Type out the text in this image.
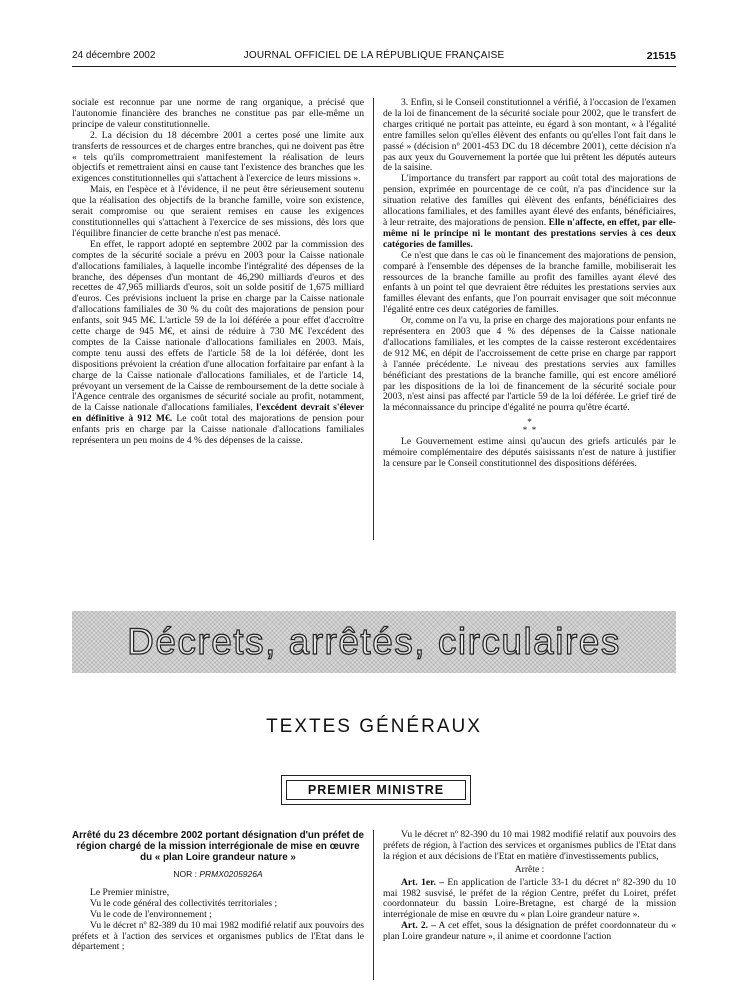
24 décembre 2002	JOURNAL OFFICIEL DE LA RÉPUBLIQUE FRANÇAISE	21515

sociale est reconnue par une norme de rang organique, a précisé que l'autonomie financière des branches ne constitue pas par elle-même un principe de valeur constitutionnelle.

2. La décision du 18 décembre 2001 a certes posé une limite aux transferts de ressources et de charges entre branches, qui ne doivent pas être « tels qu'ils compromettraient manifestement la réalisation de leurs objectifs et remettraient ainsi en cause tant l'existence des branches que les exigences constitutionnelles qui s'attachent à l'exercice de leurs missions ».

Mais, en l'espèce et à l'évidence, il ne peut être sérieusement soutenu que la réalisation des objectifs de la branche famille, voire son existence, serait compromise ou que seraient remises en cause les exigences constitutionnelles qui s'attachent à l'exercice de ses missions, dès lors que l'équilibre financier de cette branche n'est pas menacé.

En effet, le rapport adopté en septembre 2002 par la commission des comptes de la sécurité sociale a prévu en 2003 pour la Caisse nationale d'allocations familiales, à laquelle incombe l'intégralité des dépenses de la branche, des dépenses d'un montant de 46,290 milliards d'euros et des recettes de 47,965 milliards d'euros, soit un solde positif de 1,675 milliard d'euros. Ces prévisions incluent la prise en charge par la Caisse nationale d'allocations familiales de 30 % du coût des majorations de pension pour enfants, soit 945 M€. L'article 59 de la loi déférée a pour effet d'accroître cette charge de 945 M€, et ainsi de réduire à 730 M€ l'excédent des comptes de la Caisse nationale d'allocations familiales en 2003. Mais, compte tenu aussi des effets de l'article 58 de la loi déférée, dont les dispositions prévoient la création d'une allocation forfaitaire par enfant à la charge de la Caisse nationale d'allocations familiales, et de l'article 14, prévoyant un versement de la Caisse de remboursement de la dette sociale à l'Agence centrale des organismes de sécurité sociale au profit, notamment, de la Caisse nationale d'allocations familiales, l'excédent devrait s'élever en définitive à 912 M€. Le coût total des majorations de pension pour enfants pris en charge par la Caisse nationale d'allocations familiales représentera un peu moins de 4 % des dépenses de la caisse.

3. Enfin, si le Conseil constitutionnel a vérifié, à l'occasion de l'examen de la loi de financement de la sécurité sociale pour 2002, que le transfert de charges critiqué ne portait pas atteinte, eu égard à son montant, « à l'égalité entre familles selon qu'elles élèvent des enfants ou qu'elles l'ont fait dans le passé » (décision nº 2001-453 DC du 18 décembre 2001), cette décision n'a pas aux yeux du Gouvernement la portée que lui prêtent les députés auteurs de la saisine.

L'importance du transfert par rapport au coût total des majorations de pension, exprimée en pourcentage de ce coût, n'a pas d'incidence sur la situation relative des familles qui élèvent des enfants, bénéficiaires des allocations familiales, et des familles ayant élevé des enfants, bénéficiaires, à leur retraite, des majorations de pension. Elle n'affecte, en effet, par elle-même ni le principe ni le montant des prestations servies à ces deux catégories de familles.

Ce n'est que dans le cas où le financement des majorations de pension, comparé à l'ensemble des dépenses de la branche famille, mobiliserait les ressources de la branche famille au profit des familles ayant élevé des enfants à un point tel que devraient être réduites les prestations servies aux familles élevant des enfants, que l'on pourrait envisager que soit méconnue l'égalité entre ces deux catégories de familles.

Or, comme on l'a vu, la prise en charge des majorations pour enfants ne représentera en 2003 que 4 % des dépenses de la Caisse nationale d'allocations familiales, et les comptes de la caisse resteront excédentaires de 912 M€, en dépit de l'accroissement de cette prise en charge par rapport à l'année précédente. Le niveau des prestations servies aux familles bénéficiant des prestations de la branche famille, qui est encore amélioré par les dispositions de la loi de financement de la sécurité sociale pour 2003, n'est ainsi pas affecté par l'article 59 de la loi déférée. Le grief tiré de la méconnaissance du principe d'égalité ne pourra qu'être écarté.

*
*  *

Le Gouvernement estime ainsi qu'aucun des griefs articulés par le mémoire complémentaire des députés saisissants n'est de nature à justifier la censure par le Conseil constitutionnel des dispositions déférées.

Décrets, arrêtés, circulaires
TEXTES GÉNÉRAUX
PREMIER MINISTRE
Arrêté du 23 décembre 2002 portant désignation d'un préfet de région chargé de la mission interrégionale de mise en œuvre du « plan Loire grandeur nature »
NOR : PRMX0205926A

Le Premier ministre,

Vu le code général des collectivités territoriales ;

Vu le code de l'environnement ;

Vu le décret nº 82-389 du 10 mai 1982 modifié relatif aux pouvoirs des préfets et à l'action des services et organismes publics de l'Etat dans le département ;

Vu le décret nº 82-390 du 10 mai 1982 modifié relatif aux pouvoirs des préfets de région, à l'action des services et organismes publics de l'Etat dans la région et aux décisions de l'Etat en matière d'investissements publics,

Arrête :

Art. 1er. – En application de l'article 33-1 du décret nº 82-390 du 10 mai 1982 susvisé, le préfet de la région Centre, préfet du Loiret, préfet coordonnateur du bassin Loire-Bretagne, est chargé de la mission interrégionale de mise en œuvre du « plan Loire grandeur nature ».

Art. 2. – A cet effet, sous la désignation de préfet coordonnateur du « plan Loire grandeur nature », il anime et coordonne l'action
